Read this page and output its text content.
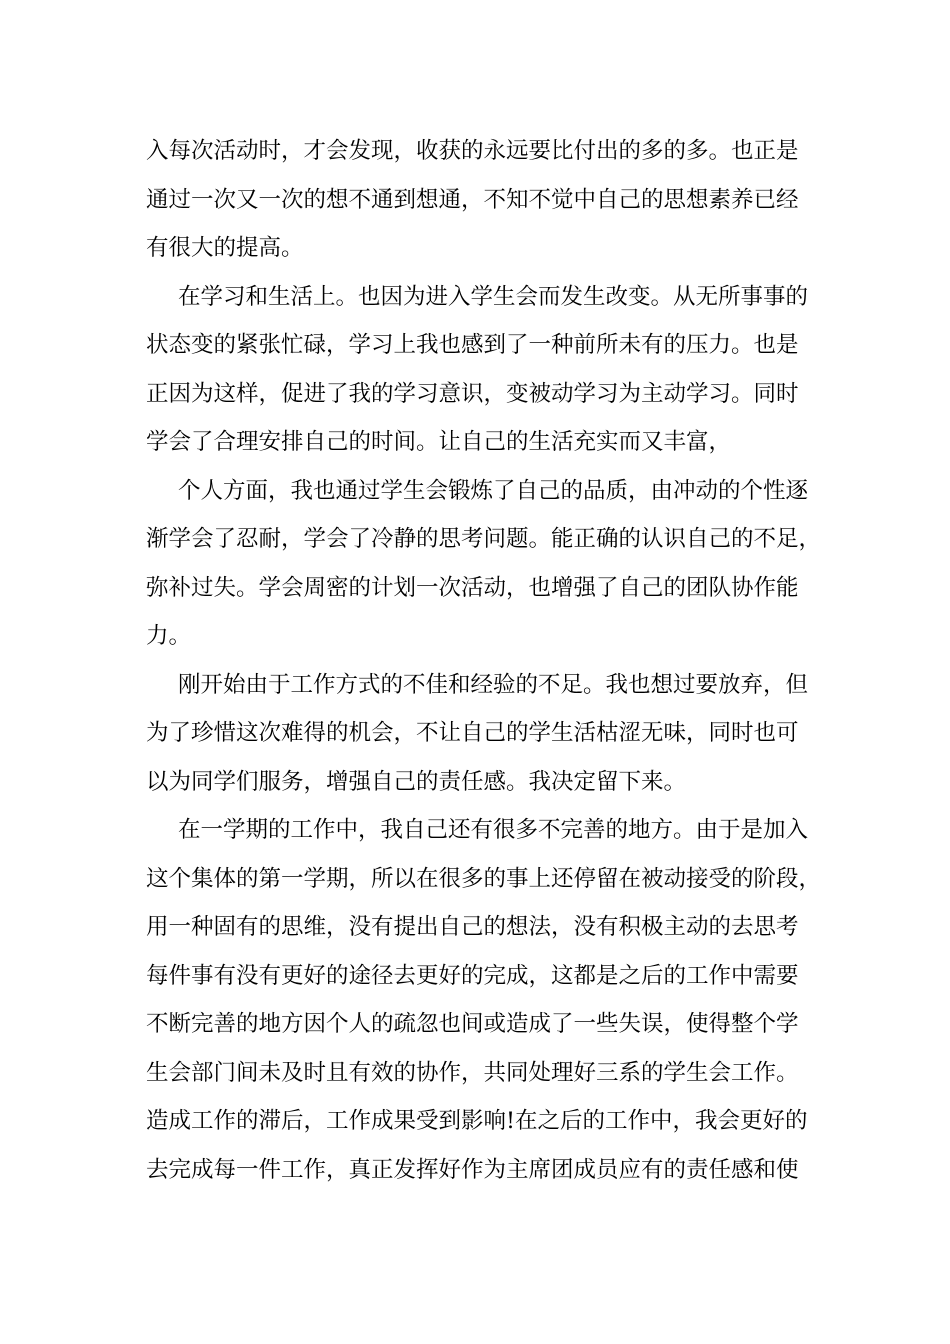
入每次活动时，才会发现，收获的永远要比付出的多的多。也正是
通过一次又一次的想不通到想通，不知不觉中自己的思想素养已经
有很大的提高。
在学习和生活上。也因为进入学生会而发生改变。从无所事事的
状态变的紧张忙碌，学习上我也感到了一种前所未有的压力。也是
正因为这样，促进了我的学习意识，变被动学习为主动学习。同时
学会了合理安排自己的时间。让自己的生活充实而又丰富，
个人方面，我也通过学生会锻炼了自己的品质，由冲动的个性逐
渐学会了忍耐，学会了冷静的思考问题。能正确的认识自己的不足，
弥补过失。学会周密的计划一次活动，也增强了自己的团队协作能
力。
刚开始由于工作方式的不佳和经验的不足。我也想过要放弃，但
为了珍惜这次难得的机会，不让自己的学生活枯涩无味，同时也可
以为同学们服务，增强自己的责任感。我决定留下来。
在一学期的工作中，我自己还有很多不完善的地方。由于是加入
这个集体的第一学期，所以在很多的事上还停留在被动接受的阶段，
用一种固有的思维，没有提出自己的想法，没有积极主动的去思考
每件事有没有更好的途径去更好的完成，这都是之后的工作中需要
不断完善的地方因个人的疏忽也间或造成了一些失误，使得整个学
生会部门间未及时且有效的协作，共同处理好三系的学生会工作。
造成工作的滞后，工作成果受到影响!在之后的工作中，我会更好的
去完成每一件工作，真正发挥好作为主席团成员应有的责任感和使
